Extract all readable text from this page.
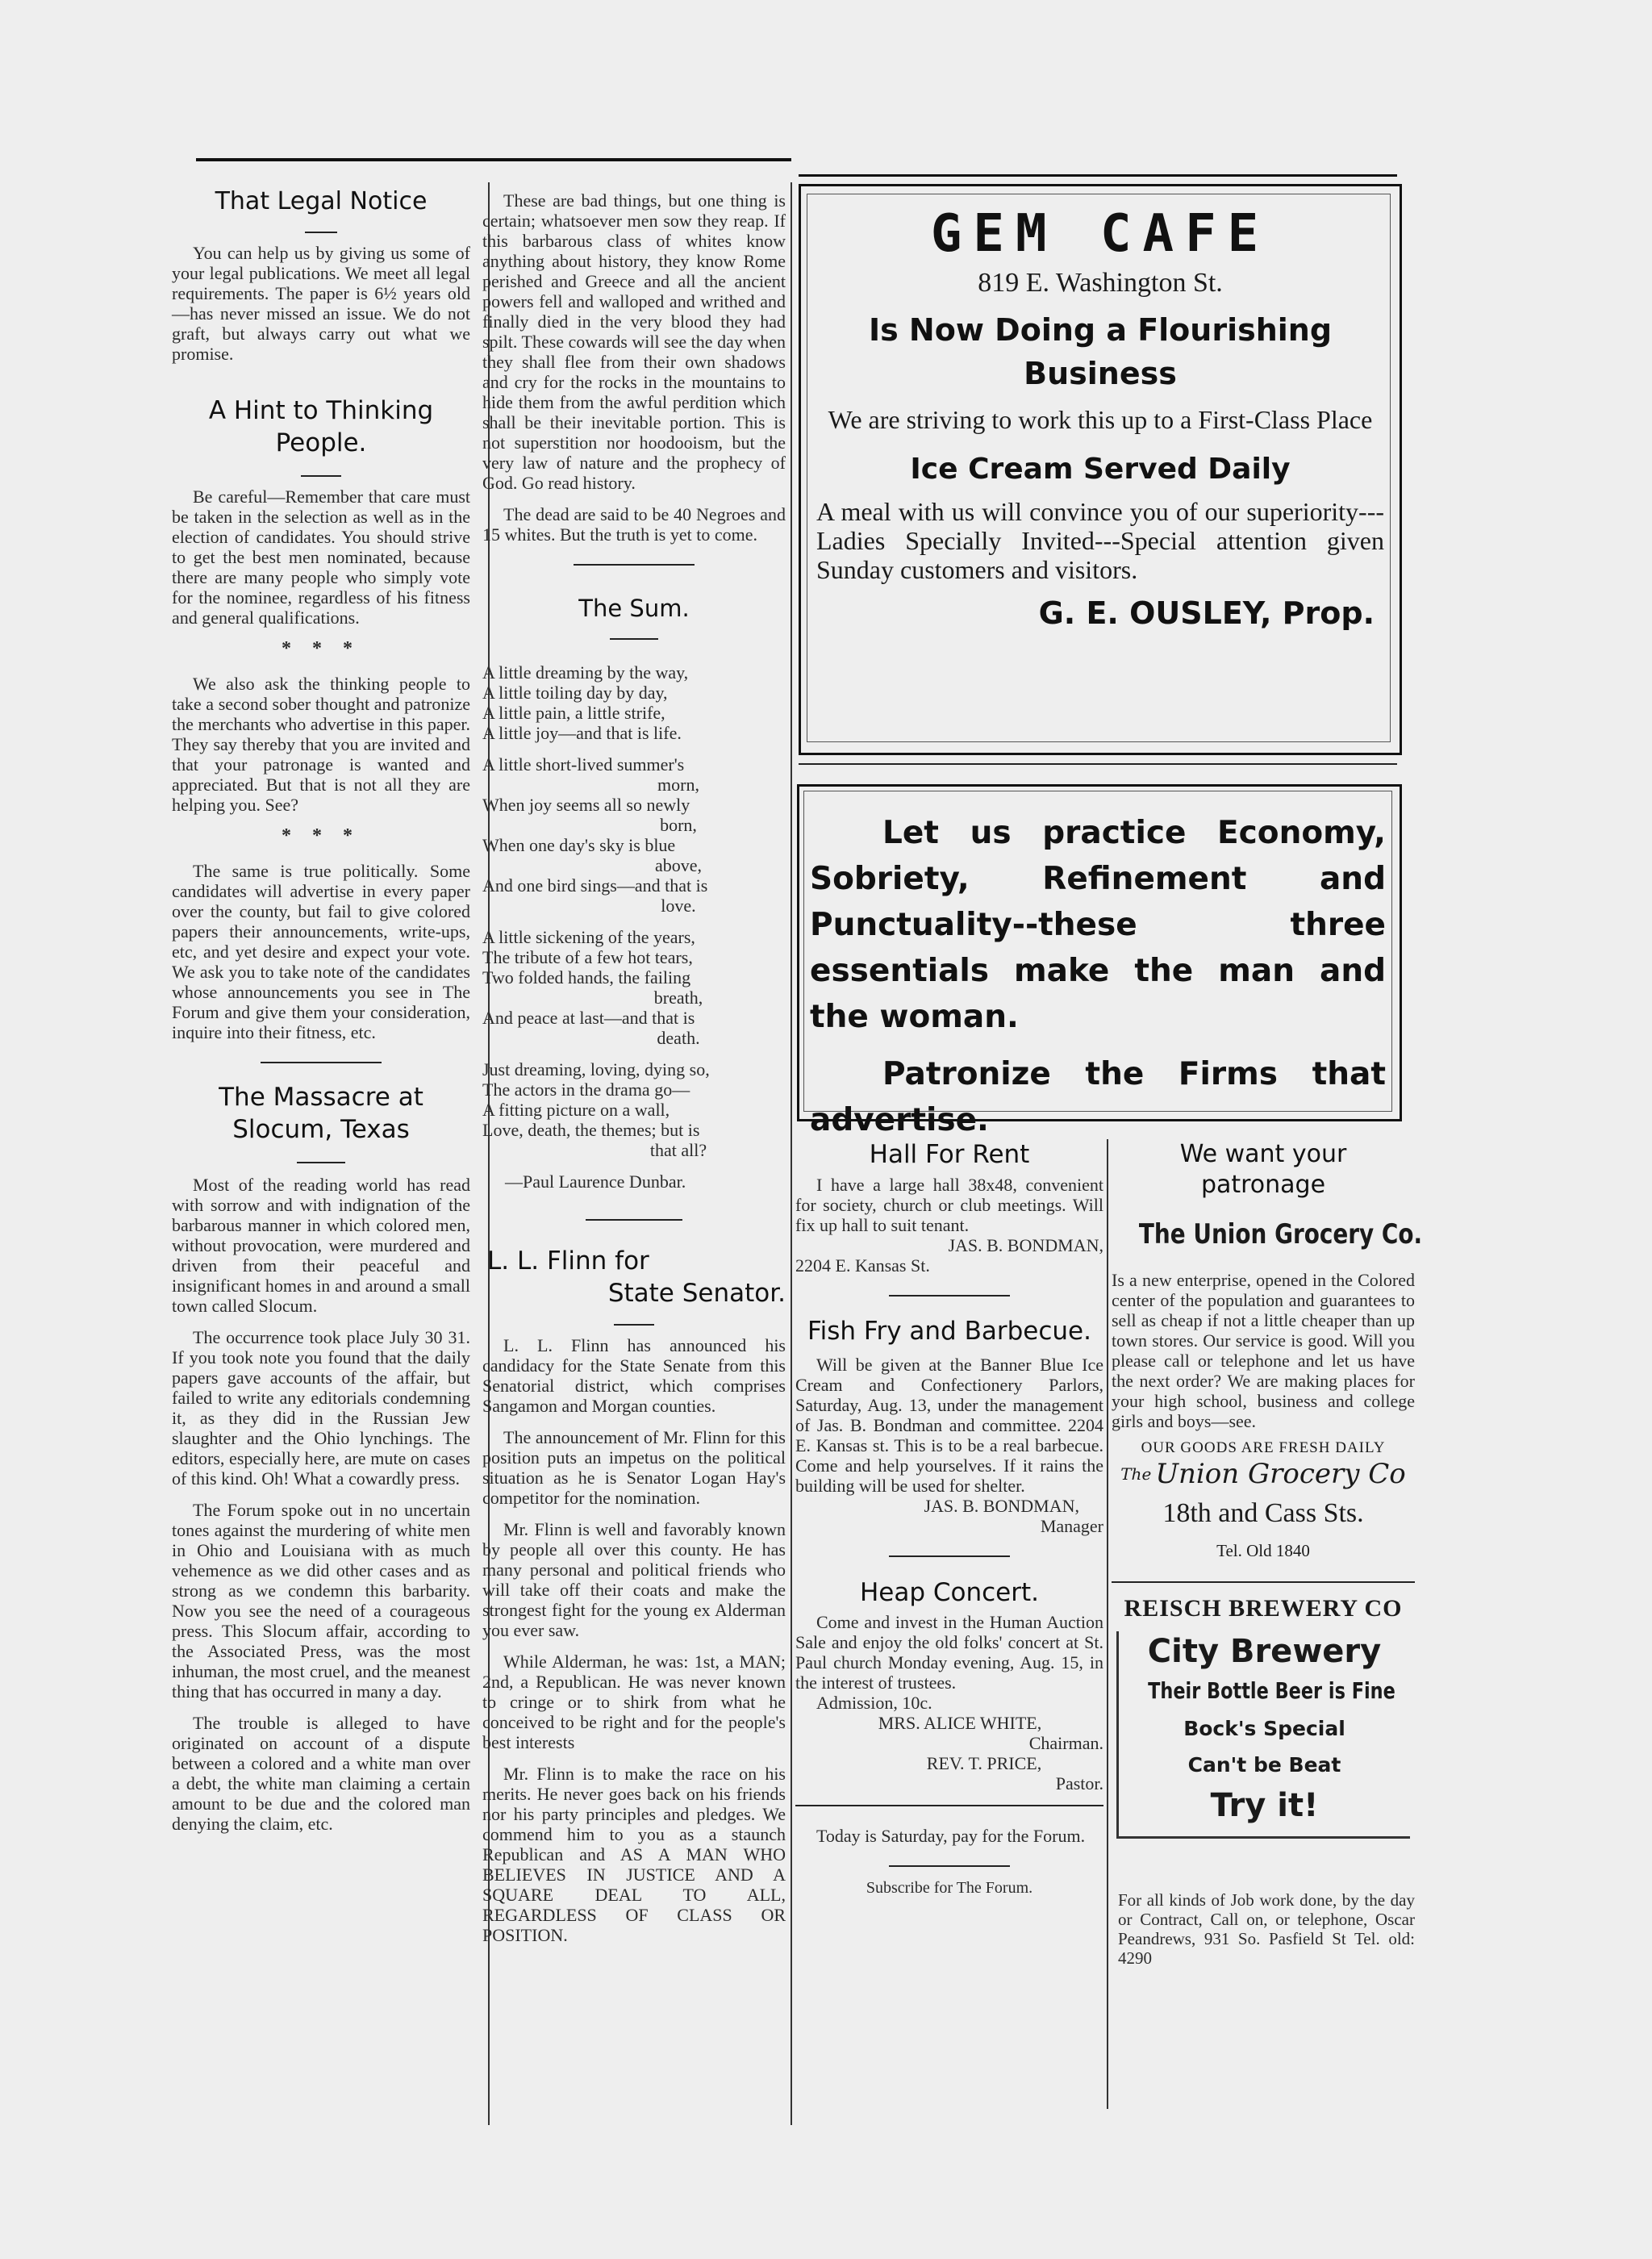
That Legal Notice

You can help us by giving us some of your legal publications. We meet all legal requirements. The paper is 6½ years old—has never missed an issue. We do not graft, but always carry out what we promise.

A Hint to Thinking People.

Be careful—Remember that care must be taken in the selection as well as in the election of candidates. You should strive to get the best men nominated, because there are many people who simply vote for the nominee, regardless of his fitness and general qualifications.

* * *

We also ask the thinking people to take a second sober thought and patronize the merchants who advertise in this paper. They say thereby that you are invited and that your patronage is wanted and appreciated. But that is not all they are helping you. See?

* * *

The same is true politically. Some candidates will advertise in every paper over the county, but fail to give colored papers their announcements, write-ups, etc, and yet desire and expect your vote. We ask you to take note of the candidates whose announcements you see in The Forum and give them your consideration, inquire into their fitness, etc.

The Massacre at Slocum, Texas

Most of the reading world has read with sorrow and with indignation of the barbarous manner in which colored men, without provocation, were murdered and driven from their peaceful and insignificant homes in and around a small town called Slocum.

The occurrence took place July 30 31. If you took note you found that the daily papers gave accounts of the affair, but failed to write any editorials condemning it, as they did in the Russian Jew slaughter and the Ohio lynchings. The editors, especially here, are mute on cases of this kind. Oh! What a cowardly press.

The Forum spoke out in no uncertain tones against the murdering of white men in Ohio and Louisiana with as much vehemence as we did other cases and as strong as we condemn this barbarity. Now you see the need of a courageous press. This Slocum affair, according to the Associated Press, was the most inhuman, the most cruel, and the meanest thing that has occurred in many a day.

The trouble is alleged to have originated on account of a dispute between a colored and a white man over a debt, the white man claiming a certain amount to be due and the colored man denying the claim, etc.

These are bad things, but one thing is certain; whatsoever men sow they reap. If this barbarous class of whites know anything about history, they know Rome perished and Greece and all the ancient powers fell and walloped and writhed and finally died in the very blood they had spilt. These cowards will see the day when they shall flee from their own shadows and cry for the rocks in the mountains to hide them from the awful perdition which shall be their inevitable portion. This is not superstition nor hoodooism, but the very law of nature and the prophecy of God. Go read history.

The dead are said to be 40 Negroes and 15 whites. But the truth is yet to come.

The Sum.

A little dreaming by the way,

A little toiling day by day,

A little pain, a little strife,

A little joy—and that is life.

A little short-lived summer's

morn,

When joy seems all so newly

born,

When one day's sky is blue

above,

And one bird sings—and that is

love.

A little sickening of the years,

The tribute of a few hot tears,

Two folded hands, the failing

breath,

And peace at last—and that is

death.

Just dreaming, loving, dying so,

The actors in the drama go—

A fitting picture on a wall,

Love, death, the themes; but is

that all?

—Paul Laurence Dunbar.

L. L. Flinn for
State Senator.

L. L. Flinn has announced his candidacy for the State Senate from this Senatorial district, which comprises Sangamon and Morgan counties.

The announcement of Mr. Flinn for this position puts an impetus on the political situation as he is Senator Logan Hay's competitor for the nomination.

Mr. Flinn is well and favorably known by people all over this county. He has many personal and political friends who will take off their coats and make the strongest fight for the young ex Alderman you ever saw.

While Alderman, he was: 1st, a MAN; 2nd, a Republican. He was never known to cringe or to shirk from what he conceived to be right and for the people's best interests

Mr. Flinn is to make the race on his merits. He never goes back on his friends nor his party principles and pledges. We commend him to you as a staunch Republican and AS A MAN WHO BELIEVES IN JUSTICE AND A SQUARE DEAL TO ALL, REGARDLESS OF CLASS OR POSITION.

GEM CAFE
819 E. Washington St.
Is Now Doing a Flourishing Business
We are striving to work this up to a First-Class Place
Ice Cream Served Daily
A meal with us will convince you of our superiority---Ladies Specially Invited---Special attention given Sunday customers and visitors.
G. E. OUSLEY, Prop.
Let us practice Economy, Sobriety, Refinement and Punctuality--these three essentials make the man and the woman.
Patronize the Firms that advertise.
Hall For Rent

I have a large hall 38x48, convenient for society, church or club meetings. Will fix up hall to suit tenant.

JAS. B. BONDMAN,

2204 E. Kansas St.

Fish Fry and Barbecue.

Will be given at the Banner Blue Ice Cream and Confectionery Parlors, Saturday, Aug. 13, under the management of Jas. B. Bondman and committee. 2204 E. Kansas st. This is to be a real barbecue. Come and help yourselves. If it rains the building will be used for shelter.

JAS. B. BONDMAN,

Manager

Heap Concert.

Come and invest in the Human Auction Sale and enjoy the old folks' concert at St. Paul church Monday evening, Aug. 15, in the interest of trustees.

Admission, 10c.

MRS. ALICE WHITE,

Chairman.

REV. T. PRICE,

Pastor.

Today is Saturday, pay for the Forum.

Subscribe for The Forum.
We want your patronage
The Union Grocery Co.

Is a new enterprise, opened in the Colored center of the population and guarantees to sell as cheap if not a little cheaper than up town stores. Our service is good. Will you please call or telephone and let us have the next order? We are making places for your high school, business and college girls and boys—see.

OUR GOODS ARE FRESH DAILY
The Union Grocery Co
18th and Cass Sts.
Tel. Old 1840
REISCH BREWERY CO
City Brewery
Their Bottle Beer is Fine
Bock's Special
Can't be Beat
Try it!

For all kinds of Job work done, by the day or Contract, Call on, or telephone, Oscar Peandrews, 931 So. Pasfield St Tel. old: 4290
